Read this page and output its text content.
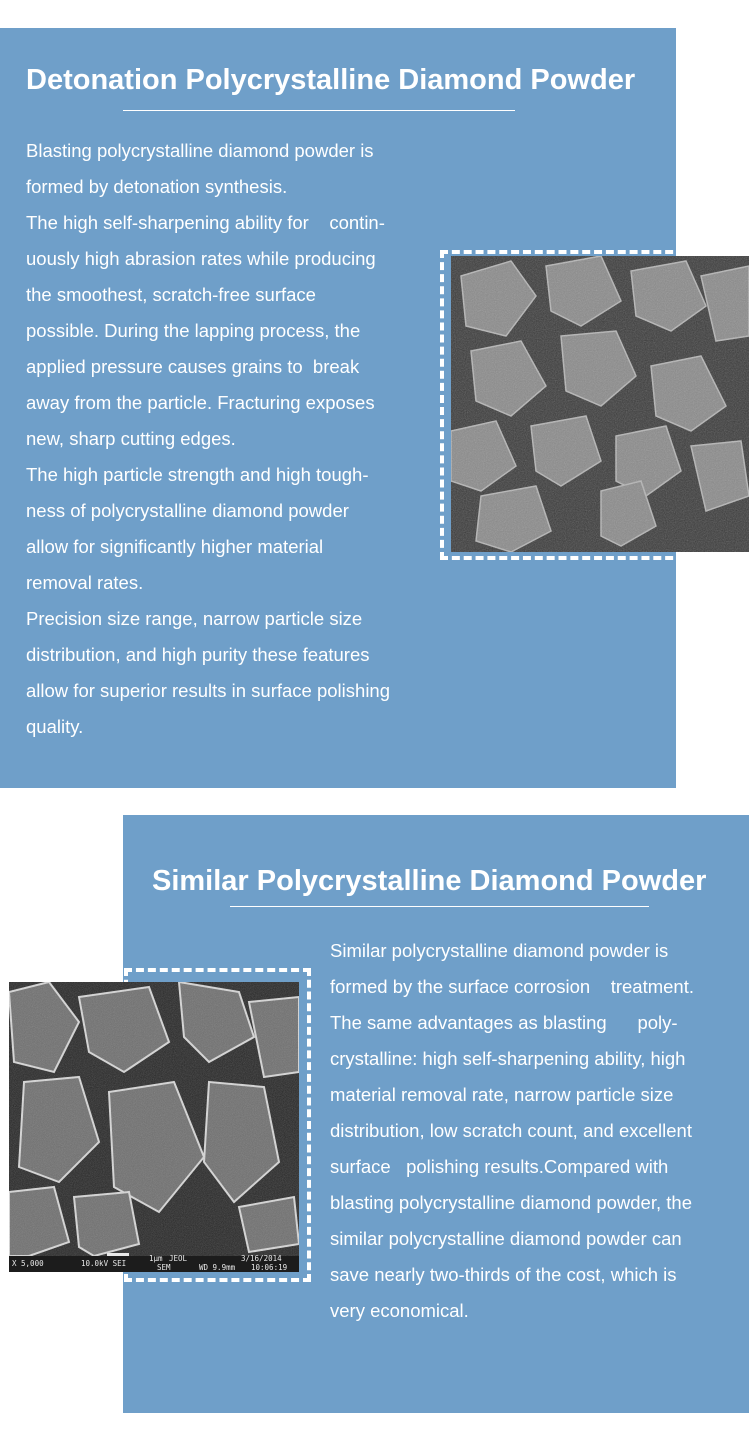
Detonation Polycrystalline Diamond Powder
Blasting polycrystalline diamond powder is
formed by detonation synthesis.
The high self-sharpening ability for    contin-
uously high abrasion rates while producing
the smoothest, scratch-free surface
possible. During the lapping process, the
applied pressure causes grains to  break
away from the particle. Fracturing exposes
new, sharp cutting edges.
The high particle strength and high tough-
ness of polycrystalline diamond powder
allow for significantly higher material
removal rates.
Precision size range, narrow particle size
distribution, and high purity these features
allow for superior results in surface polishing
quality.
Similar Polycrystalline Diamond Powder
Similar polycrystalline diamond powder is
formed by the surface corrosion    treatment.
The same advantages as blasting      poly-
crystalline: high self-sharpening ability, high
material removal rate, narrow particle size
distribution, low scratch count, and excellent
surface   polishing results.Compared with
blasting polycrystalline diamond powder, the
similar polycrystalline diamond powder can
save nearly two-thirds of the cost, which is
very economical.
X 5,000	10.0kV SEI
1μm JEOL
SEM	WD 9.9mm
3/16/2014
10:06:19
